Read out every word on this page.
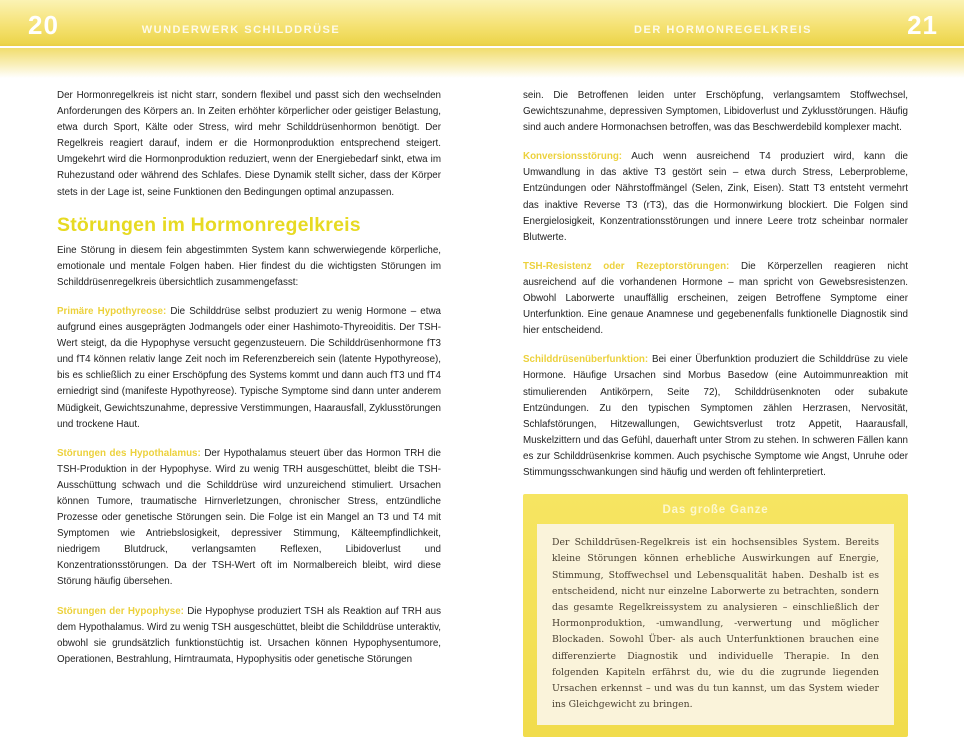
20	WUNDERWERK SCHILDDRÜSE	DER HORMONREGELKREIS	21

Der Hormonregelkreis ist nicht starr, sondern flexibel und passt sich den wechselnden Anforderungen des Körpers an. In Zeiten erhöhter körperlicher oder geistiger Belastung, etwa durch Sport, Kälte oder Stress, wird mehr Schilddrüsenhormon benötigt. Der Regelkreis reagiert darauf, indem er die Hormonproduktion entsprechend steigert. Umgekehrt wird die Hormonproduktion reduziert, wenn der Energiebedarf sinkt, etwa im Ruhezustand oder während des Schlafes. Diese Dynamik stellt sicher, dass der Körper stets in der Lage ist, seine Funktionen den Bedingungen optimal anzupassen.

Störungen im Hormonregelkreis

Eine Störung in diesem fein abgestimmten System kann schwerwiegende körperliche, emotionale und mentale Folgen haben. Hier findest du die wichtigsten Störungen im Schilddrüsenregelkreis übersichtlich zusammengefasst:

Primäre Hypothyreose: Die Schilddrüse selbst produziert zu wenig Hormone – etwa aufgrund eines ausgeprägten Jodmangels oder einer Hashimoto-Thyreoiditis. Der TSH-Wert steigt, da die Hypophyse versucht gegenzusteuern. Die Schilddrüsenhormone fT3 und fT4 können relativ lange Zeit noch im Referenzbereich sein (latente Hypothyreose), bis es schließlich zu einer Erschöpfung des Systems kommt und dann auch fT3 und fT4 erniedrigt sind (manifeste Hypothyreose). Typische Symptome sind dann unter anderem Müdigkeit, Gewichtszunahme, depressive Verstimmungen, Haarausfall, Zyklusstörungen und trockene Haut.

Störungen des Hypothalamus: Der Hypothalamus steuert über das Hormon TRH die TSH-Produktion in der Hypophyse. Wird zu wenig TRH ausgeschüttet, bleibt die TSH-Ausschüttung schwach und die Schilddrüse wird unzureichend stimuliert. Ursachen können Tumore, traumatische Hirnverletzungen, chronischer Stress, entzündliche Prozesse oder genetische Störungen sein. Die Folge ist ein Mangel an T3 und T4 mit Symptomen wie Antriebslosigkeit, depressiver Stimmung, Kälteempfindlichkeit, niedrigem Blutdruck, verlangsamten Reflexen, Libidoverlust und Konzentrationsstörungen. Da der TSH-Wert oft im Normalbereich bleibt, wird diese Störung häufig übersehen.

Störungen der Hypophyse: Die Hypophyse produziert TSH als Reaktion auf TRH aus dem Hypothalamus. Wird zu wenig TSH ausgeschüttet, bleibt die Schilddrüse unteraktiv, obwohl sie grundsätzlich funktionstüchtig ist. Ursachen können Hypophysentumore, Operationen, Bestrahlung, Hirntraumata, Hypophysitis oder genetische Störungen

sein. Die Betroffenen leiden unter Erschöpfung, verlangsamtem Stoffwechsel, Gewichtszunahme, depressiven Symptomen, Libidoverlust und Zyklusstörungen. Häufig sind auch andere Hormonachsen betroffen, was das Beschwerdebild komplexer macht.

Konversionsstörung: Auch wenn ausreichend T4 produziert wird, kann die Umwandlung in das aktive T3 gestört sein – etwa durch Stress, Leberprobleme, Entzündungen oder Nährstoffmängel (Selen, Zink, Eisen). Statt T3 entsteht vermehrt das inaktive Reverse T3 (rT3), das die Hormonwirkung blockiert. Die Folgen sind Energielosigkeit, Konzentrationsstörungen und innere Leere trotz scheinbar normaler Blutwerte.

TSH-Resistenz oder Rezeptorstörungen: Die Körperzellen reagieren nicht ausreichend auf die vorhandenen Hormone – man spricht von Gewebsresistenzen. Obwohl Laborwerte unauffällig erscheinen, zeigen Betroffene Symptome einer Unterfunktion. Eine genaue Anamnese und gegebenenfalls funktionelle Diagnostik sind hier entscheidend.

Schilddrüsenüberfunktion: Bei einer Überfunktion produziert die Schilddrüse zu viele Hormone. Häufige Ursachen sind Morbus Basedow (eine Autoimmunreaktion mit stimulierenden Antikörpern, Seite 72), Schilddrüsenknoten oder subakute Entzündungen. Zu den typischen Symptomen zählen Herzrasen, Nervosität, Schlafstörungen, Hitzewallungen, Gewichtsverlust trotz Appetit, Haarausfall, Muskelzittern und das Gefühl, dauerhaft unter Strom zu stehen. In schweren Fällen kann es zur Schilddrüsenkrise kommen. Auch psychische Symptome wie Angst, Unruhe oder Stimmungsschwankungen sind häufig und werden oft fehlinterpretiert.

Das große Ganze

Der Schilddrüsen-Regelkreis ist ein hochsensibles System. Bereits kleine Störungen können erhebliche Auswirkungen auf Energie, Stimmung, Stoffwechsel und Lebensqualität haben. Deshalb ist es entscheidend, nicht nur einzelne Laborwerte zu betrachten, sondern das gesamte Regelkreissystem zu analysieren – einschließlich der Hormonproduktion, -umwandlung, -verwertung und möglicher Blockaden. Sowohl Über- als auch Unterfunktionen brauchen eine differenzierte Diagnostik und individuelle Therapie. In den folgenden Kapiteln erfährst du, wie du die zugrunde liegenden Ursachen erkennst – und was du tun kannst, um das System wieder ins Gleichgewicht zu bringen.
